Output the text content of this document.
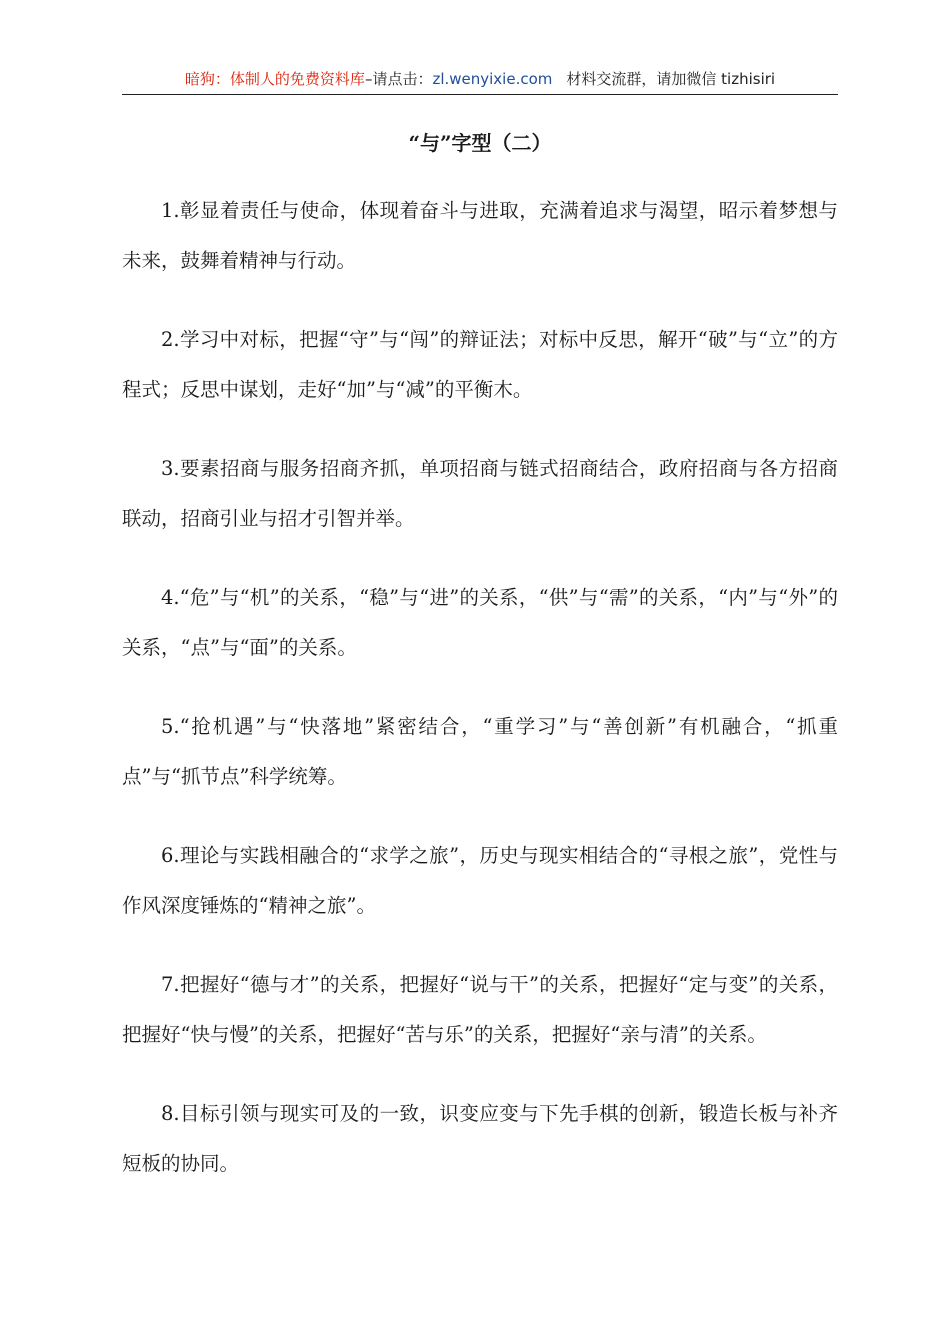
暗狗：体制人的免费资料库–请点击：zl.wenyixie.com 材料交流群，请加微信 tizhisiri
“与”字型（二）

1.彰显着责任与使命，体现着奋斗与进取，充满着追求与渴望，昭示着梦想与未来，鼓舞着精神与行动。

2.学习中对标，把握“守”与“闯”的辩证法；对标中反思，解开“破”与“立”的方程式；反思中谋划，走好“加”与“减”的平衡木。

3.要素招商与服务招商齐抓，单项招商与链式招商结合，政府招商与各方招商联动，招商引业与招才引智并举。

4.“危”与“机”的关系，“稳”与“进”的关系，“供”与“需”的关系，“内”与“外”的关系，“点”与“面”的关系。

5.“抢机遇”与“快落地”紧密结合，“重学习”与“善创新”有机融合，“抓重点”与“抓节点”科学统筹。

6.理论与实践相融合的“求学之旅”，历史与现实相结合的“寻根之旅”，党性与作风深度锤炼的“精神之旅”。

7.把握好“德与才”的关系，把握好“说与干”的关系，把握好“定与变”的关系，把握好“快与慢”的关系，把握好“苦与乐”的关系，把握好“亲与清”的关系。

8.目标引领与现实可及的一致，识变应变与下先手棋的创新，锻造长板与补齐短板的协同。
